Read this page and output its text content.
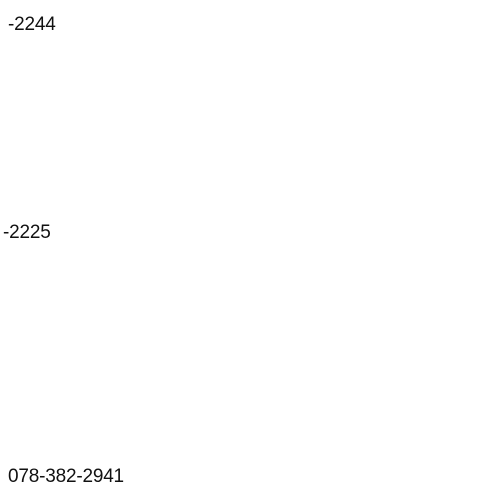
-2244
-2225
078-382-2941
